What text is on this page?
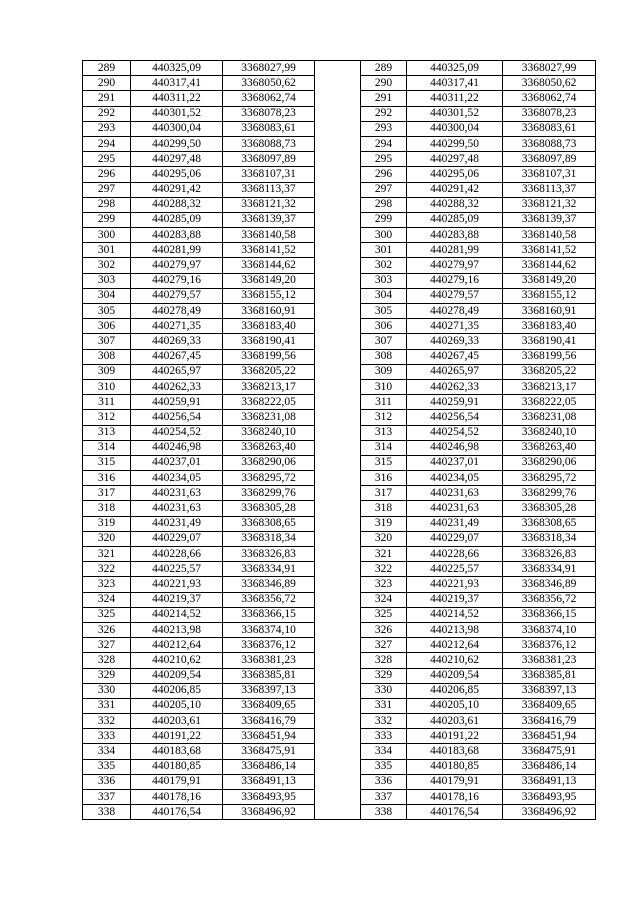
289	440325,09	3368027,99		289	440325,09	3368027,99
290	440317,41	3368050,62		290	440317,41	3368050,62
291	440311,22	3368062,74		291	440311,22	3368062,74
292	440301,52	3368078,23		292	440301,52	3368078,23
293	440300,04	3368083,61		293	440300,04	3368083,61
294	440299,50	3368088,73		294	440299,50	3368088,73
295	440297,48	3368097,89		295	440297,48	3368097,89
296	440295,06	3368107,31		296	440295,06	3368107,31
297	440291,42	3368113,37		297	440291,42	3368113,37
298	440288,32	3368121,32		298	440288,32	3368121,32
299	440285,09	3368139,37		299	440285,09	3368139,37
300	440283,88	3368140,58		300	440283,88	3368140,58
301	440281,99	3368141,52		301	440281,99	3368141,52
302	440279,97	3368144,62		302	440279,97	3368144,62
303	440279,16	3368149,20		303	440279,16	3368149,20
304	440279,57	3368155,12		304	440279,57	3368155,12
305	440278,49	3368160,91		305	440278,49	3368160,91
306	440271,35	3368183,40		306	440271,35	3368183,40
307	440269,33	3368190,41		307	440269,33	3368190,41
308	440267,45	3368199,56		308	440267,45	3368199,56
309	440265,97	3368205,22		309	440265,97	3368205,22
310	440262,33	3368213,17		310	440262,33	3368213,17
311	440259,91	3368222,05		311	440259,91	3368222,05
312	440256,54	3368231,08		312	440256,54	3368231,08
313	440254,52	3368240,10		313	440254,52	3368240,10
314	440246,98	3368263,40		314	440246,98	3368263,40
315	440237,01	3368290,06		315	440237,01	3368290,06
316	440234,05	3368295,72		316	440234,05	3368295,72
317	440231,63	3368299,76		317	440231,63	3368299,76
318	440231,63	3368305,28		318	440231,63	3368305,28
319	440231,49	3368308,65		319	440231,49	3368308,65
320	440229,07	3368318,34		320	440229,07	3368318,34
321	440228,66	3368326,83		321	440228,66	3368326,83
322	440225,57	3368334,91		322	440225,57	3368334,91
323	440221,93	3368346,89		323	440221,93	3368346,89
324	440219,37	3368356,72		324	440219,37	3368356,72
325	440214,52	3368366,15		325	440214,52	3368366,15
326	440213,98	3368374,10		326	440213,98	3368374,10
327	440212,64	3368376,12		327	440212,64	3368376,12
328	440210,62	3368381,23		328	440210,62	3368381,23
329	440209,54	3368385,81		329	440209,54	3368385,81
330	440206,85	3368397,13		330	440206,85	3368397,13
331	440205,10	3368409,65		331	440205,10	3368409,65
332	440203,61	3368416,79		332	440203,61	3368416,79
333	440191,22	3368451,94		333	440191,22	3368451,94
334	440183,68	3368475,91		334	440183,68	3368475,91
335	440180,85	3368486,14		335	440180,85	3368486,14
336	440179,91	3368491,13		336	440179,91	3368491,13
337	440178,16	3368493,95		337	440178,16	3368493,95
338	440176,54	3368496,92		338	440176,54	3368496,92
